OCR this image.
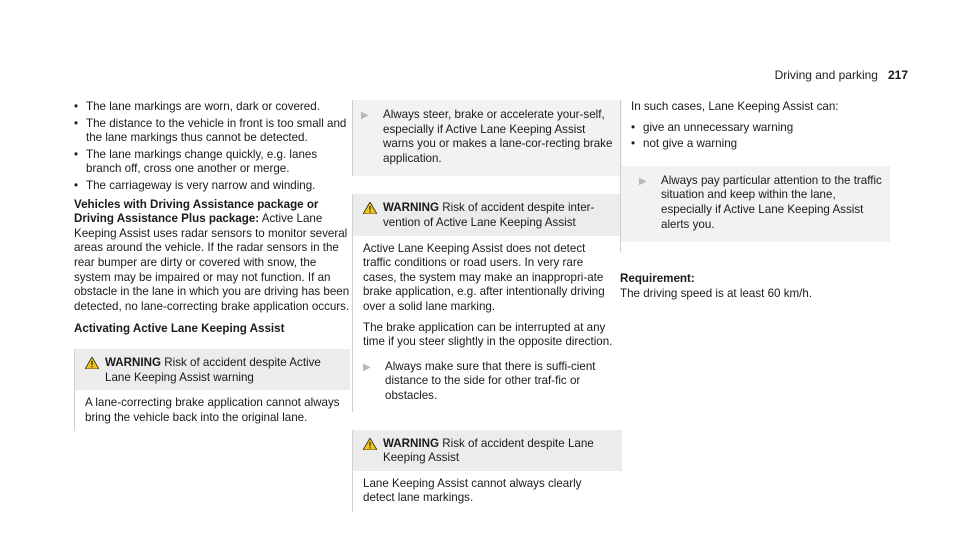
Driving and parking 217
• The lane markings are worn, dark or covered.
• The distance to the vehicle in front is too small and the lane markings thus cannot be detected.
• The lane markings change quickly, e.g. lanes branch off, cross one another or merge.
• The carriageway is very narrow and winding.

Vehicles with Driving Assistance package or Driving Assistance Plus package: Active Lane Keeping Assist uses radar sensors to monitor several areas around the vehicle. If the radar sensors in the rear bumper are dirty or covered with snow, the system may be impaired or may not function. If an obstacle in the lane in which you are driving has been detected, no lane-correcting brake application occurs.

Activating Active Lane Keeping Assist
WARNING Risk of accident despite Active Lane Keeping Assist warning
A lane-correcting brake application cannot always bring the vehicle back into the original lane.
▶	Always steer, brake or accelerate your-self, especially if Active Lane Keeping Assist warns you or makes a lane-cor-recting brake application.
WARNING Risk of accident despite inter-vention of Active Lane Keeping Assist

Active Lane Keeping Assist does not detect traffic conditions or road users. In very rare cases, the system may make an inappropri-ate brake application, e.g. after intentionally driving over a solid lane marking.

The brake application can be interrupted at any time if you steer slightly in the opposite direction.

▶	Always make sure that there is suffi-cient distance to the side for other traf-fic or obstacles.
WARNING Risk of accident despite Lane Keeping Assist
Lane Keeping Assist cannot always clearly detect lane markings.

In such cases, Lane Keeping Assist can:

• give an unnecessary warning
• not give a warning
▶	Always pay particular attention to the traffic situation and keep within the lane, especially if Active Lane Keeping Assist alerts you.

Requirement:

The driving speed is at least 60 km/h.
